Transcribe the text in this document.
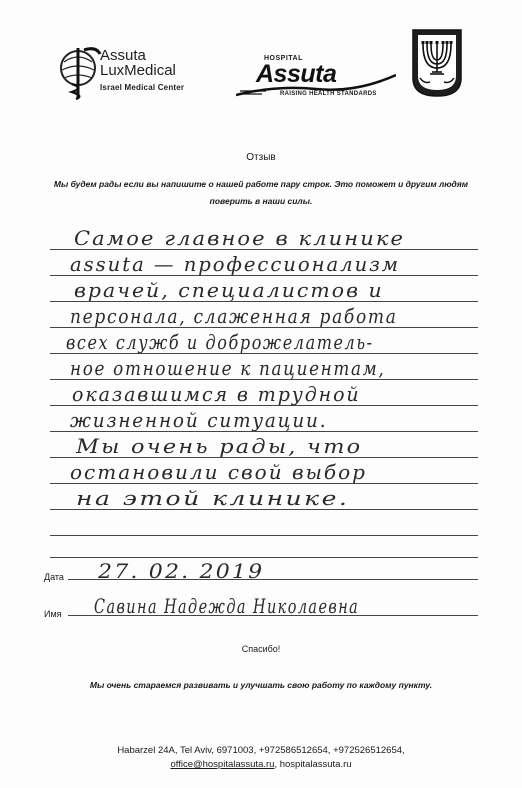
Assuta
LuxMedical
Israel Medical Center
HOSPITAL
Assuta
RAISING HEALTH STANDARDS
Отзыв
Мы будем рады если вы напишите о нашей работе пару строк. Это поможет и другим людям поверить в наши силы.
Самое главное в клинике
assuta — профессионализм
врачей, специалистов и
персонала, слаженная работа
всех служб и доброжелатель-
ное отношение к пациентам,
оказавшимся в трудной
жизненной ситуации.
Мы очень рады, что
остановили свой выбор
на этой клинике.
Дата 27. 02. 2019
Имя Савина Надежда Николаевна
Спасибо!
Мы очень стараемся развивать и улучшать свою работу по каждому пункту.
Habarzel 24A, Tel Aviv, 6971003, +972586512654, +972526512654,
office@hospitalassuta.ru, hospitalassuta.ru
